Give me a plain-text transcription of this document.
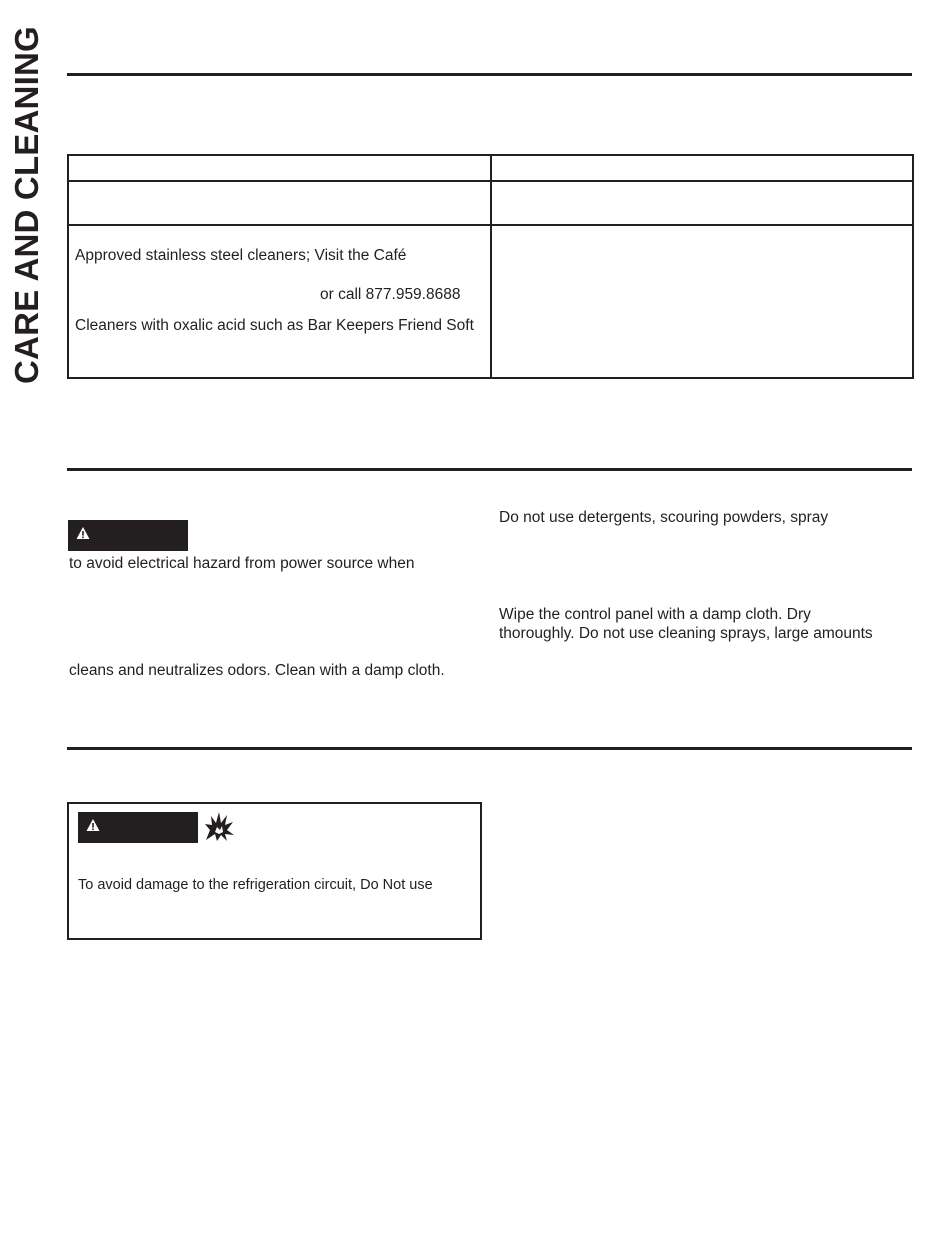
CARE AND CLEANING

	Approved stainless steel cleaners; Visit the Café
or call 877.959.8688
Cleaners with oxalic acid such as Bar Keepers Friend Soft
to avoid electrical hazard from power source when
cleans and neutralizes odors. Clean with a damp cloth.
Do not use detergents, scouring powders, spray
Wipe the control panel with a damp cloth. Dry
thoroughly. Do not use cleaning sprays, large amounts
To avoid damage to the refrigeration circuit, Do Not use
